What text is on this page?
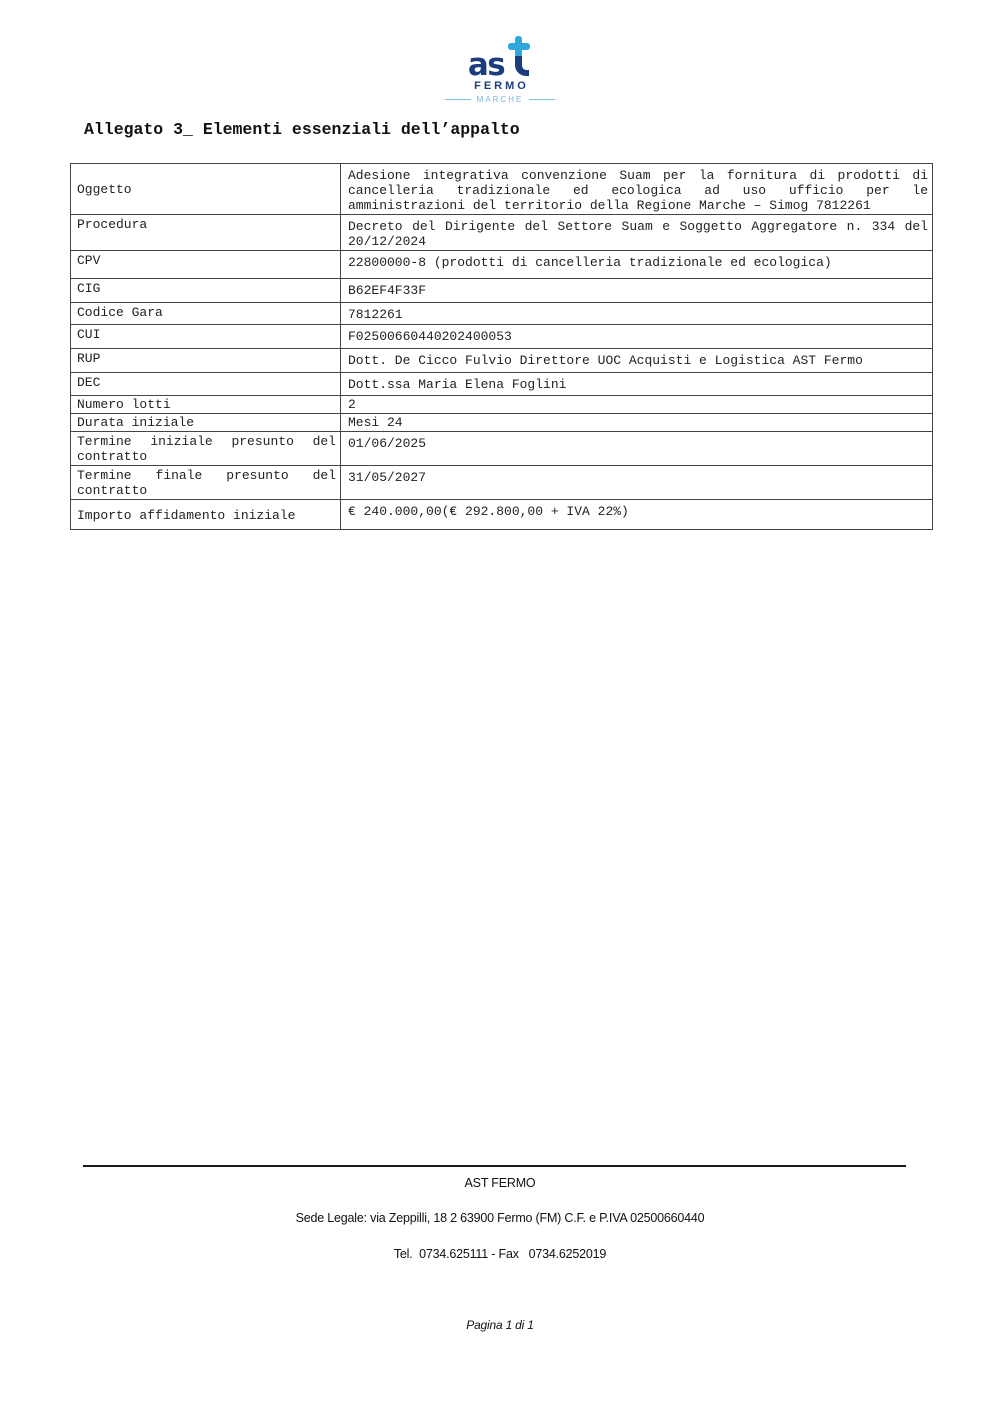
as
FERMO
MARCHE
Allegato 3_ Elementi essenziali dell’appalto
Oggetto	Adesione integrativa convenzione Suam per la fornitura di prodotti di cancelleria tradizionale ed ecologica ad uso ufficio per le amministrazioni del territorio della Regione Marche – Simog 7812261
Procedura	Decreto del Dirigente del Settore Suam e Soggetto Aggregatore n. 334 del 20/12/2024
CPV	22800000-8 (prodotti di cancelleria tradizionale ed ecologica)
CIG	B62EF4F33F
Codice Gara	7812261
CUI	F02500660440202400053
RUP	Dott. De Cicco Fulvio Direttore UOC Acquisti e Logistica AST Fermo
DEC	Dott.ssa Maria Elena Foglini
Numero lotti	2
Durata iniziale	Mesi 24
Termine iniziale presunto del contratto	01/06/2025
Termine finale presunto del contratto	31/05/2027
Importo affidamento iniziale	€ 240.000,00(€ 292.800,00 + IVA 22%)
AST FERMO
Sede Legale: via Zeppilli, 18 2 63900 Fermo (FM) C.F. e P.IVA 02500660440
Tel.  0734.625111 - Fax   0734.6252019
Pagina 1 di 1
